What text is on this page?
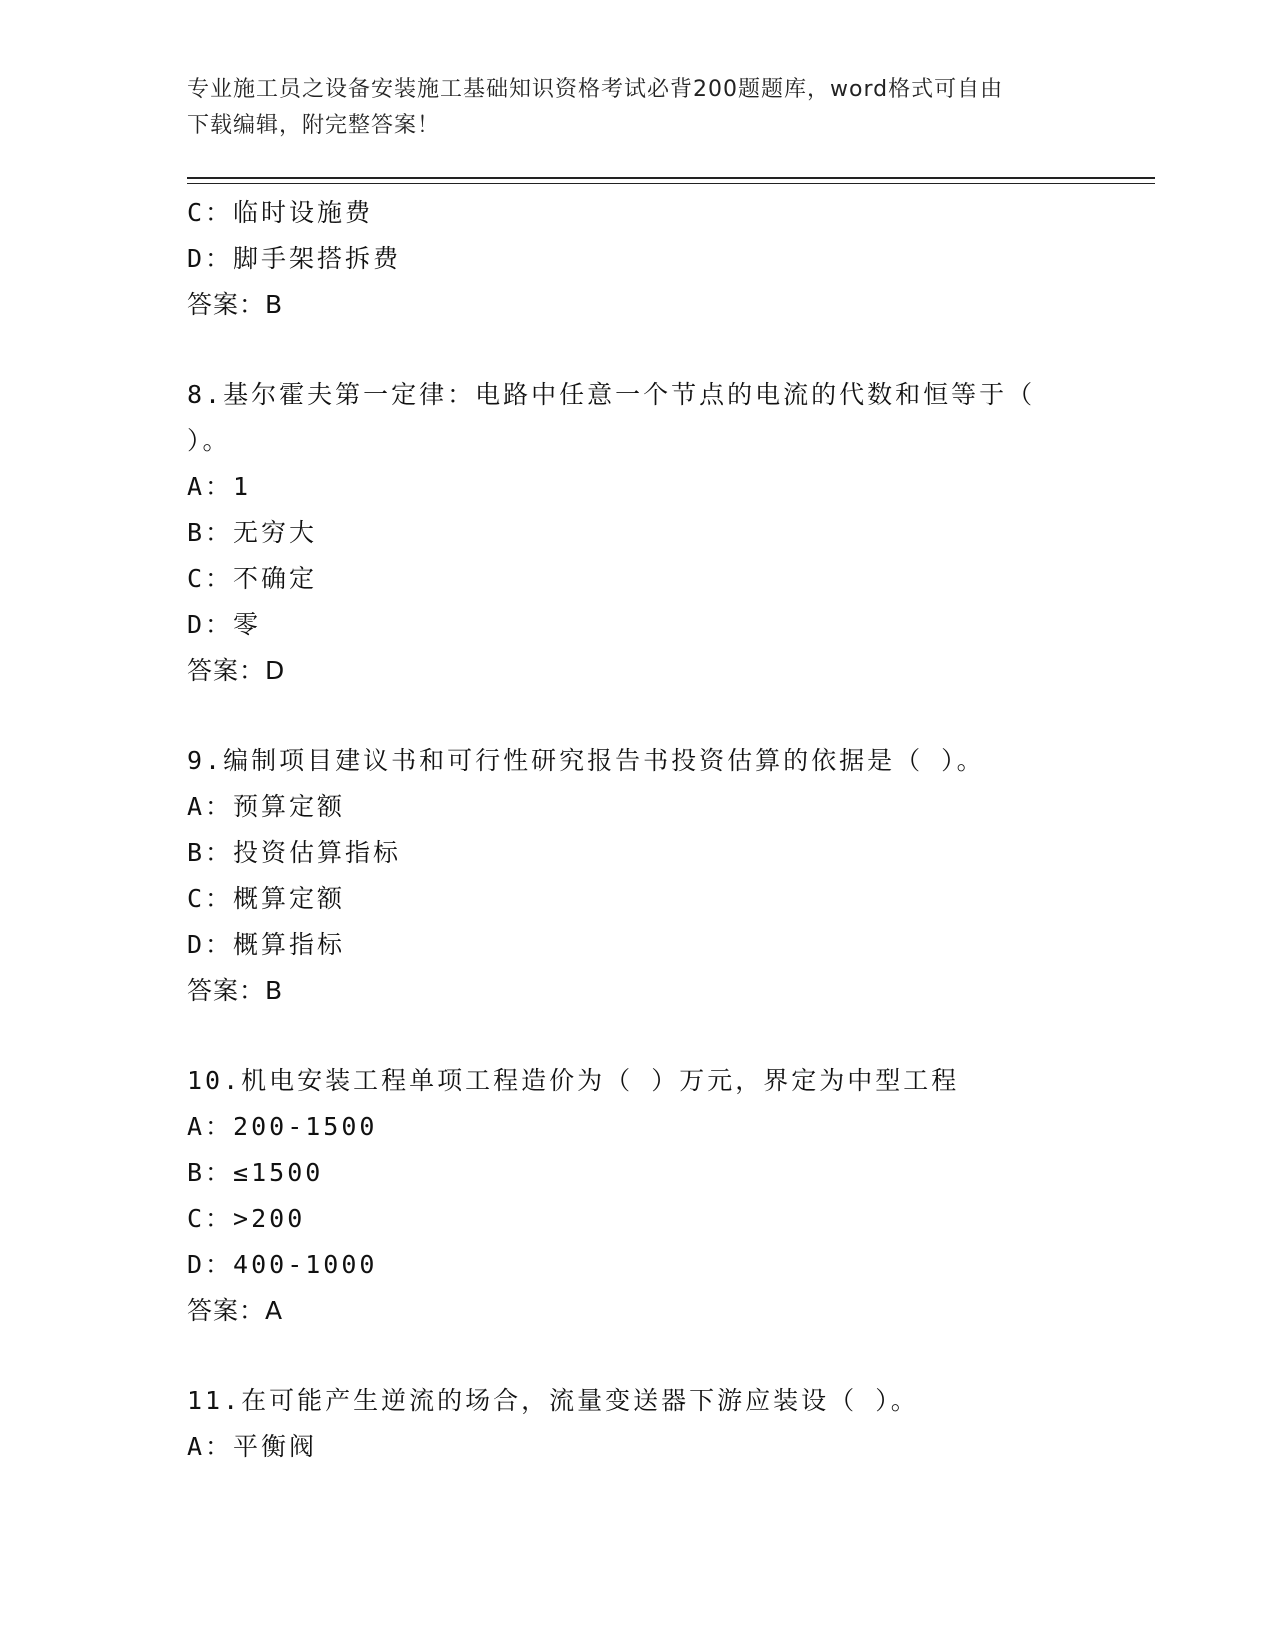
专业施工员之设备安装施工基础知识资格考试必背200题题库，word格式可自由
下载编辑，附完整答案！
C：临时设施费
D：脚手架搭拆费
答案：B
8.基尔霍夫第一定律：电路中任意一个节点的电流的代数和恒等于（
）。
A：1
B：无穷大
C：不确定
D：零
答案：D
9.编制项目建议书和可行性研究报告书投资估算的依据是（ ）。
A：预算定额
B：投资估算指标
C：概算定额
D：概算指标
答案：B
10.机电安装工程单项工程造价为（ ）万元，界定为中型工程
A：200-1500
B：≤1500
C：>200
D：400-1000
答案：A
11.在可能产生逆流的场合，流量变送器下游应装设（ ）。
A：平衡阀
